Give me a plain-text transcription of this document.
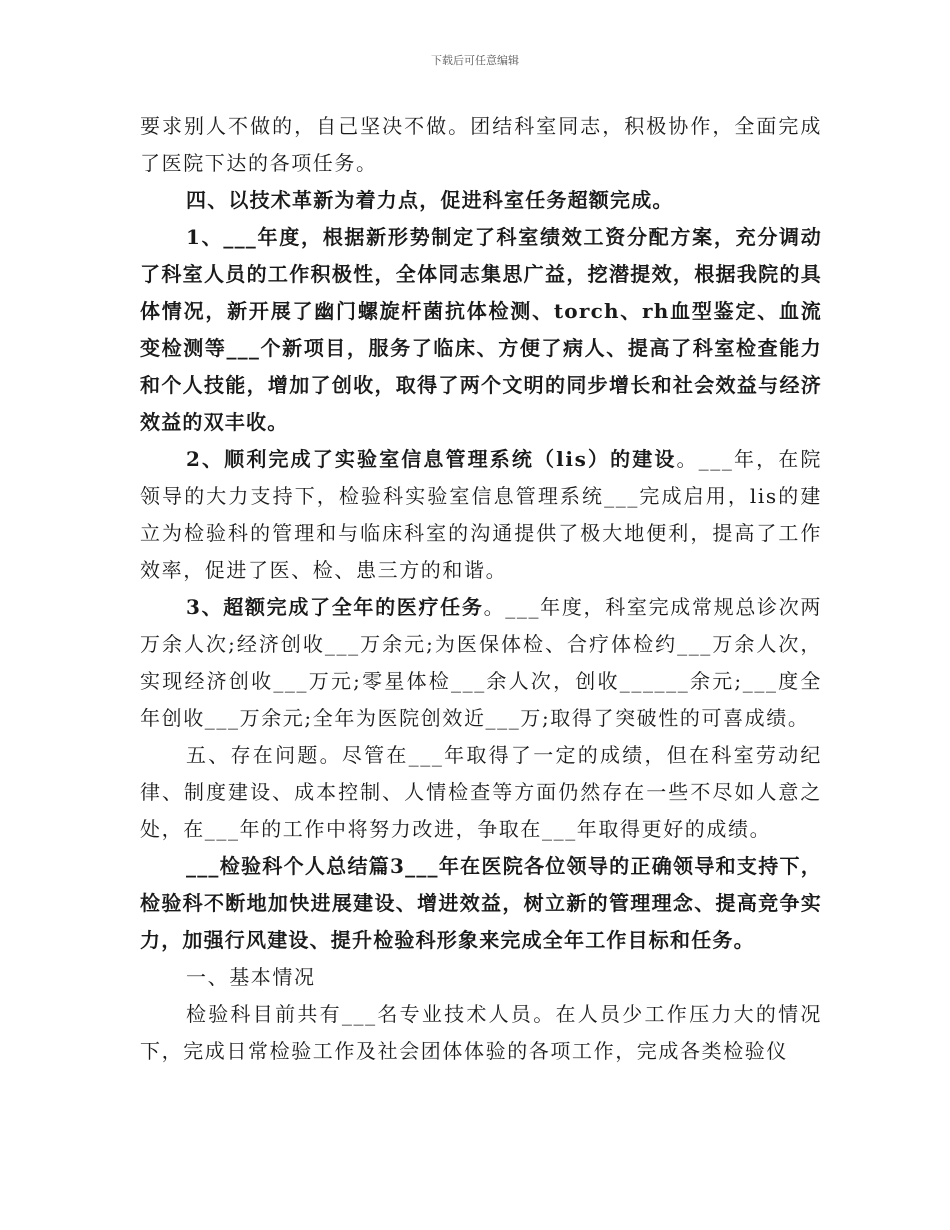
下载后可任意编辑

要求别人不做的，自己坚决不做。团结科室同志，积极协作，全面完成了医院下达的各项任务。

四、以技术革新为着力点，促进科室任务超额完成。

1、___年度，根据新形势制定了科室绩效工资分配方案，充分调动了科室人员的工作积极性，全体同志集思广益，挖潜提效，根据我院的具体情况，新开展了幽门螺旋杆菌抗体检测、torch、rh血型鉴定、血流变检测等___个新项目，服务了临床、方便了病人、提高了科室检查能力和个人技能，增加了创收，取得了两个文明的同步增长和社会效益与经济效益的双丰收。

2、顺利完成了实验室信息管理系统（lis）的建设。___年，在院领导的大力支持下，检验科实验室信息管理系统___完成启用，lis的建立为检验科的管理和与临床科室的沟通提供了极大地便利，提高了工作效率，促进了医、检、患三方的和谐。

3、超额完成了全年的医疗任务。___年度，科室完成常规总诊次两万余人次;经济创收___万余元;为医保体检、合疗体检约___万余人次，实现经济创收___万元;零星体检___余人次，创收______余元;___度全年创收___万余元;全年为医院创效近___万;取得了突破性的可喜成绩。

五、存在问题。尽管在___年取得了一定的成绩，但在科室劳动纪律、制度建设、成本控制、人情检查等方面仍然存在一些不尽如人意之处，在___年的工作中将努力改进，争取在___年取得更好的成绩。

___检验科个人总结篇3___年在医院各位领导的正确领导和支持下，检验科不断地加快进展建设、增进效益，树立新的管理理念、提高竞争实力，加强行风建设、提升检验科形象来完成全年工作目标和任务。

一、基本情况

检验科目前共有___名专业技术人员。在人员少工作压力大的情况下，完成日常检验工作及社会团体体验的各项工作，完成各类检验仪
